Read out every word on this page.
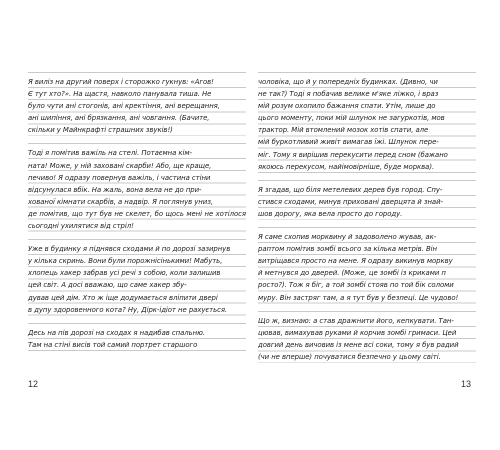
Я виліз на другий поверх і сторожко гукнув: «Агов!
Є тут хто?». На щастя, навколо панувала тиша. Не
було чути ані стогонів, ані кректіння, ані верещання,
ані шипіння, ані брязкання, ані човгання. (Бачите,
скільки у Майнкрафті страшних звуків!)

Тоді я помітив важіль на стелі. Потаємна кім-
ната! Може, у ній заховані скарби! Або, ще краще,
печиво! Я одразу повернув важіль, і частина стіни
відсунулася вбік. На жаль, вона вела не до при-
хованої кімнати скарбів, а надвір. Я поглянув униз,
де помітив, що тут був не скелет, бо щось мені не хотілося сьогодні ухилятися від стріл!

Уже в будинку я піднявся сходами й по дорозі зазирнув
у кілька скринь. Вони були порожнісінькими! Мабуть,
хлопець хакер забрав усі речі з собою, коли залишив
цей світ. А досі вважаю, що саме хакер збу-
дував цей дім. Хто ж іще додумається вліпити двері
в дупу здоровенного кота? Ну, Дірк-ідіот не рахується.

Десь на пів дорозі на сходах я надибав спальню.
Там на стіні висів той самий портрет старшого

чоловіка, що й у попередніх будинках. (Дивно, чи
не так?) Тоді я побачив велике м'яке ліжко, і враз
мій розум охопило бажання спати. Утім, лише до
цього моменту, поки мій шлунок не загуркотів, мов
трактор. Мій втомлений мозок хотів спати, але
мій буркотливий живіт вимагав їжі. Шлунок пере-
міг. Тому я вирішив перекусити перед сном (бажано
якоюсь перекусом, найімовірніше, буде морква).

Я згадав, що біля метелевих дерев був город. Спу-
стився сходами, минув приховані дверцята й знай-
шов дорогу, яка вела просто до городу.

Я саме схопив морквину й задоволено жував, ак-
раптом помітив зомбі всього за кілька метрів. Він
витріщався просто на мене. Я одразу викинув моркву
й метнувся до дверей. (Може, це зомбі із криками п
росто?). Тож я біг, а той зомбі стояв по той бік соломи
муру. Він застряг там, а я тут був у безпеці. Це чудово!

Що ж, визнаю: а став дражнити його, кепкувати. Тан-
цював, вимахував руками й корчив зомбі гримаси. Цей
довгий день вичовив із мене всі соки, тому я був радий
(чи не вперше) почуватися безпечно у цьому світі.

12	13
